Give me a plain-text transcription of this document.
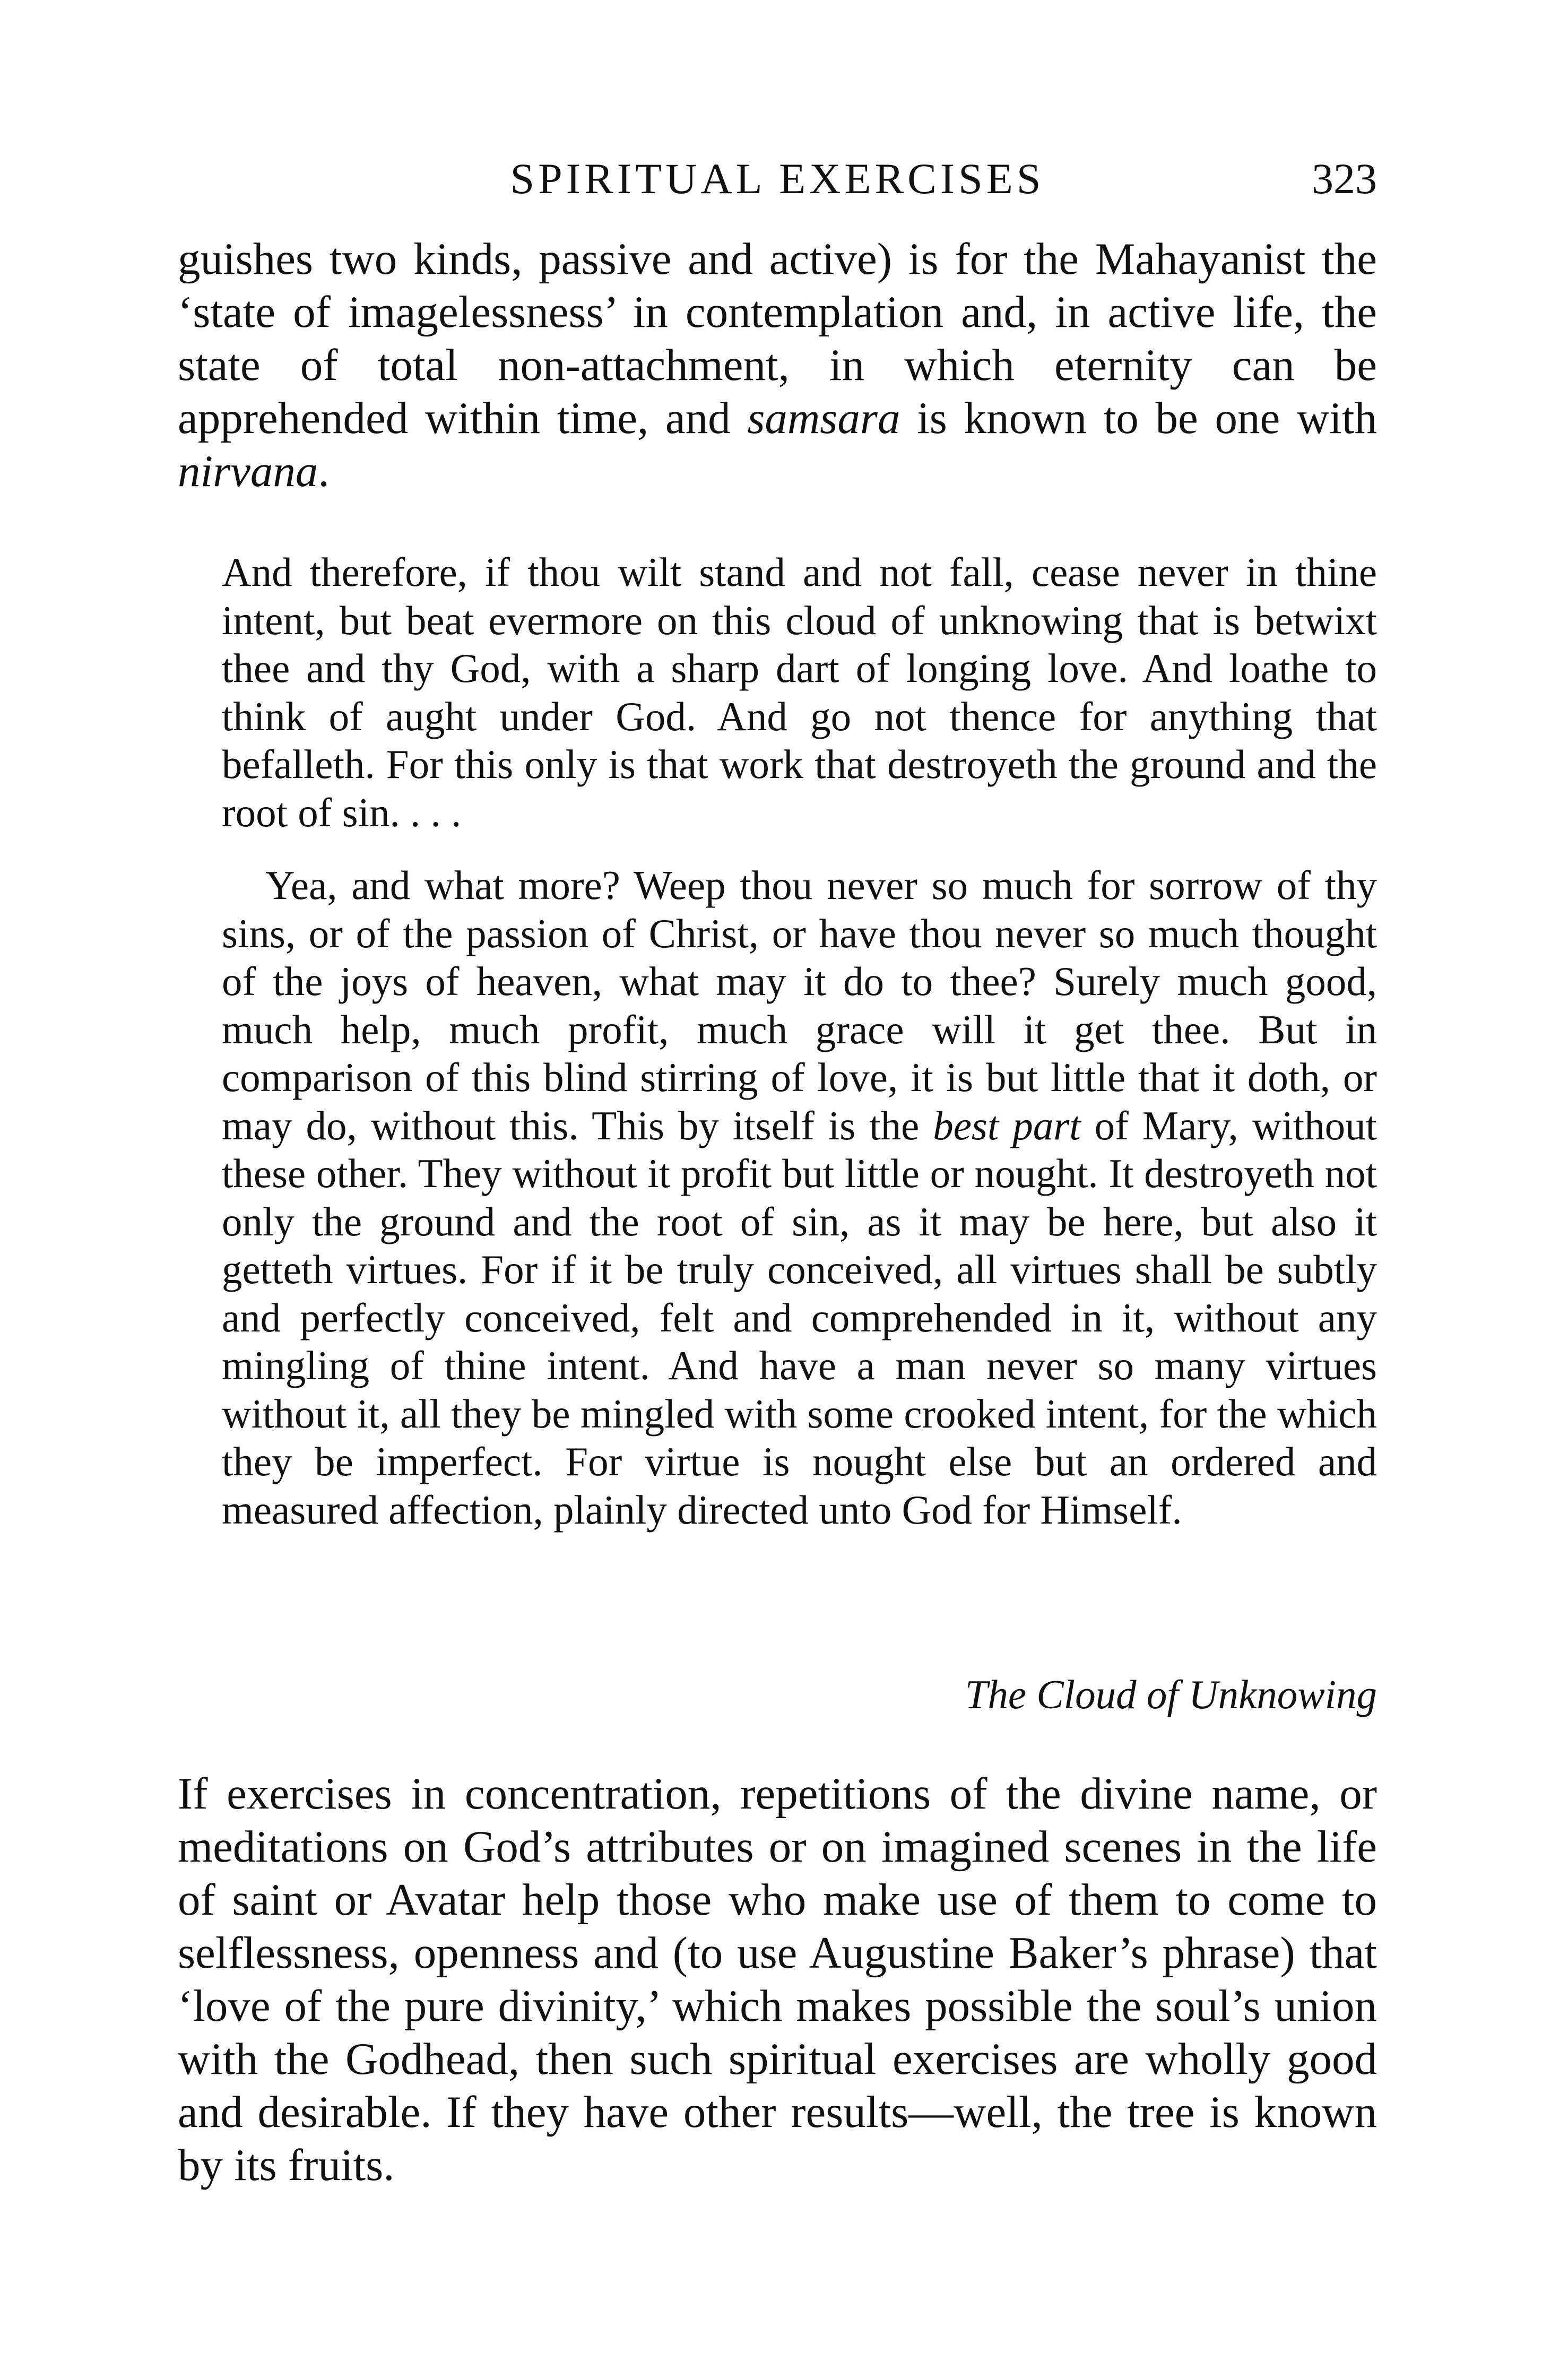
SPIRITUAL EXERCISES	323

guishes two kinds, passive and active) is for the Mahayanist the ‘state of imagelessness’ in contemplation and, in active life, the state of total non-attachment, in which eternity can be apprehended within time, and samsara is known to be one with nirvana.

And therefore, if thou wilt stand and not fall, cease never in thine intent, but beat evermore on this cloud of unknowing that is betwixt thee and thy God, with a sharp dart of longing love. And loathe to think of aught under God. And go not thence for anything that befalleth. For this only is that work that destroyeth the ground and the root of sin. . . .

Yea, and what more? Weep thou never so much for sorrow of thy sins, or of the passion of Christ, or have thou never so much thought of the joys of heaven, what may it do to thee? Surely much good, much help, much profit, much grace will it get thee. But in comparison of this blind stirring of love, it is but little that it doth, or may do, without this. This by itself is the best part of Mary, without these other. They without it profit but little or nought. It destroyeth not only the ground and the root of sin, as it may be here, but also it getteth virtues. For if it be truly conceived, all virtues shall be subtly and perfectly conceived, felt and comprehended in it, without any mingling of thine intent. And have a man never so many virtues without it, all they be mingled with some crooked intent, for the which they be imperfect. For virtue is nought else but an ordered and measured affection, plainly directed unto God for Himself.

The Cloud of Unknowing

If exercises in concentration, repetitions of the divine name, or meditations on God’s attributes or on imagined scenes in the life of saint or Avatar help those who make use of them to come to selflessness, openness and (to use Augustine Baker’s phrase) that ‘love of the pure divinity,’ which makes possible the soul’s union with the Godhead, then such spiritual exercises are wholly good and desirable. If they have other results—well, the tree is known by its fruits.
